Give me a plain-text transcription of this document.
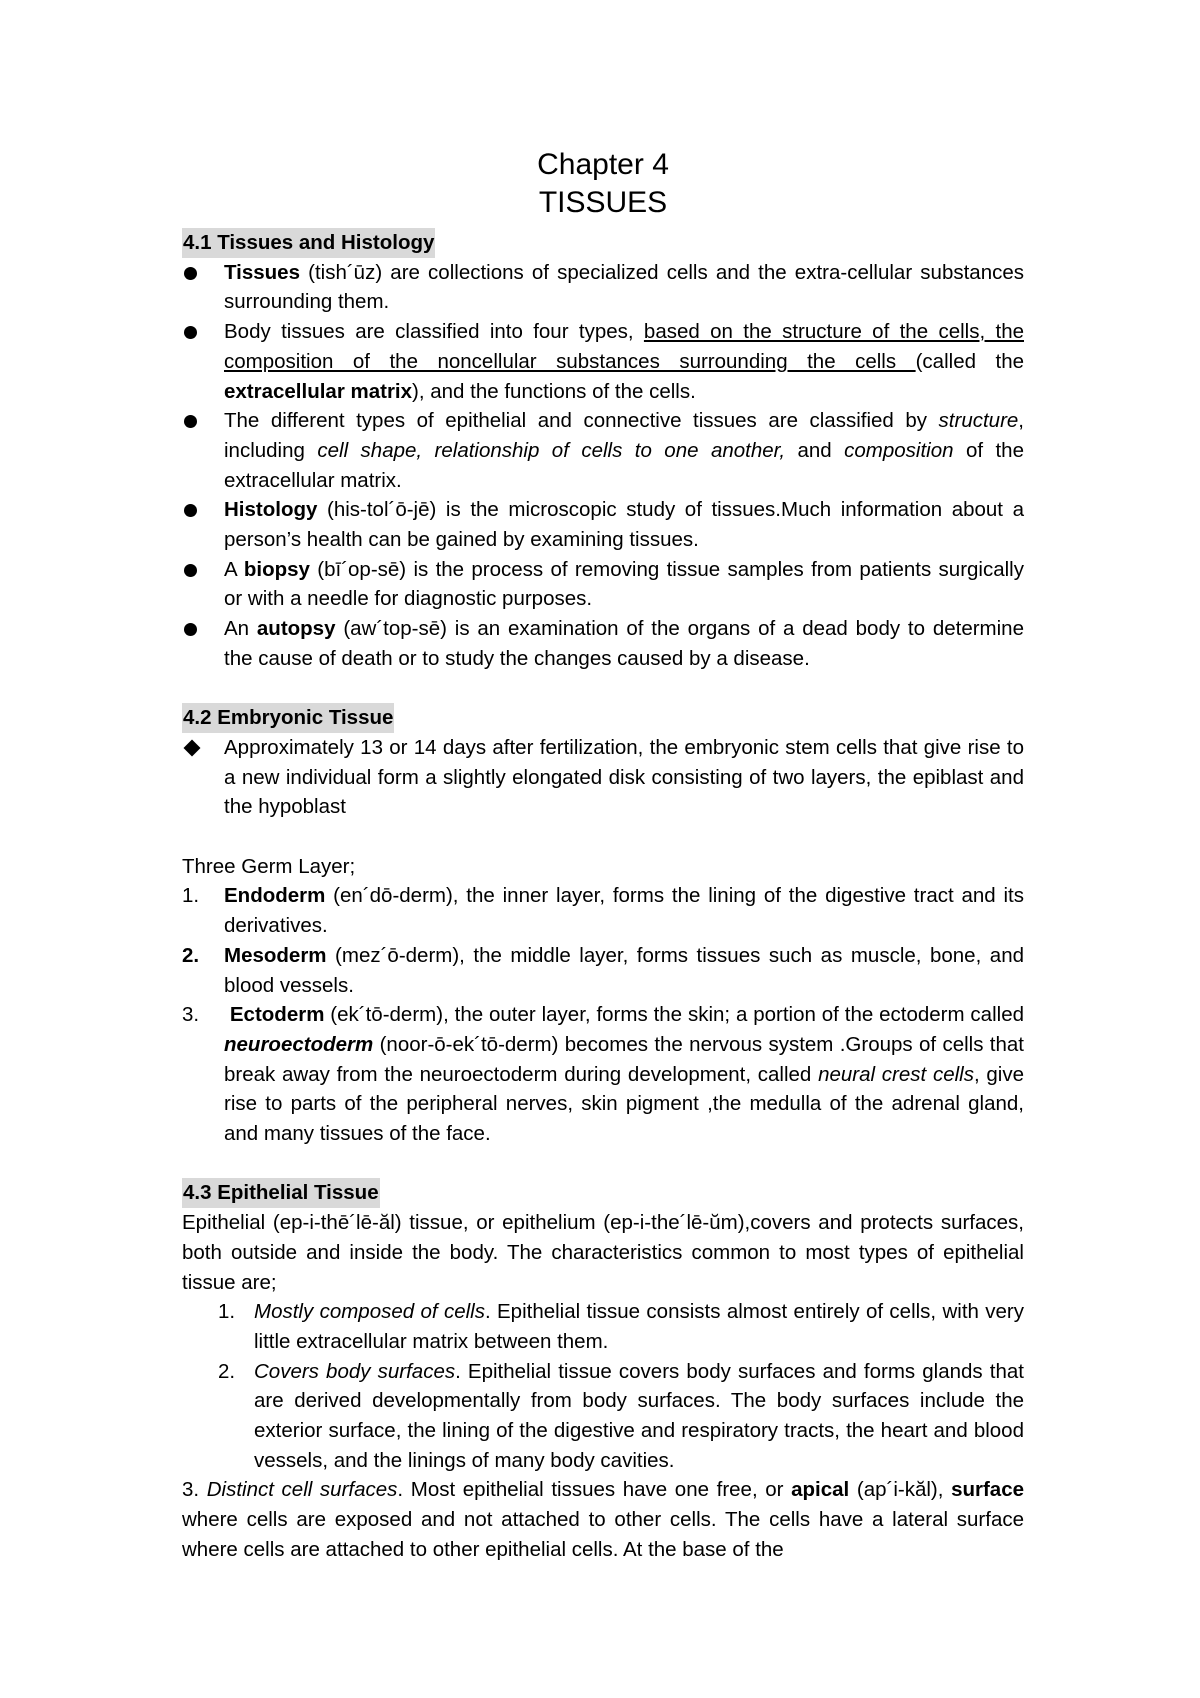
Chapter 4
TISSUES
4.1 Tissues and Histology
Tissues (tish´ūz) are collections of specialized cells and the extra-cellular substances surrounding them.
Body tissues are classified into four types, based on the structure of the cells, the composition of the noncellular substances surrounding the cells (called the extracellular matrix), and the functions of the cells.
The different types of epithelial and connective tissues are classified by structure, including cell shape, relationship of cells to one another, and composition of the extracellular matrix.
Histology (his-tol´ō-jē) is the microscopic study of tissues.Much information about a person’s health can be gained by examining tissues.
A biopsy (bī´op-sē) is the process of removing tissue samples from patients surgically or with a needle for diagnostic purposes.
An autopsy (aw´top-sē) is an examination of the organs of a dead body to determine the cause of death or to study the changes caused by a disease.
4.2 Embryonic Tissue
Approximately 13 or 14 days after fertilization, the embryonic stem cells that give rise to a new individual form a slightly elongated disk consisting of two layers, the epiblast and the hypoblast

Three Germ Layer;

1. Endoderm (en´dō-derm), the inner layer, forms the lining of the digestive tract and its derivatives.
2. Mesoderm (mez´ō-derm), the middle layer, forms tissues such as muscle, bone, and blood vessels.
3. Ectoderm (ek´tō-derm), the outer layer, forms the skin; a portion of the ectoderm called neuroectoderm (noor-ō-ek´tō-derm) becomes the nervous system .Groups of cells that break away from the neuroectoderm during development, called neural crest cells, give rise to parts of the peripheral nerves, skin pigment ,the medulla of the adrenal gland, and many tissues of the face.
4.3 Epithelial Tissue

Epithelial (ep-i-thē´lē-ăl) tissue, or epithelium (ep-i-the´lē-ŭm),covers and protects surfaces, both outside and inside the body. The characteristics common to most types of epithelial tissue are;

1. Mostly composed of cells. Epithelial tissue consists almost entirely of cells, with very little extracellular matrix between them.
2. Covers body surfaces. Epithelial tissue covers body surfaces and forms glands that are derived developmentally from body surfaces. The body surfaces include the exterior surface, the lining of the digestive and respiratory tracts, the heart and blood vessels, and the linings of many body cavities.

3. Distinct cell surfaces. Most epithelial tissues have one free, or apical (ap´i-kăl), surface where cells are exposed and not attached to other cells. The cells have a lateral surface where cells are attached to other epithelial cells. At the base of the
